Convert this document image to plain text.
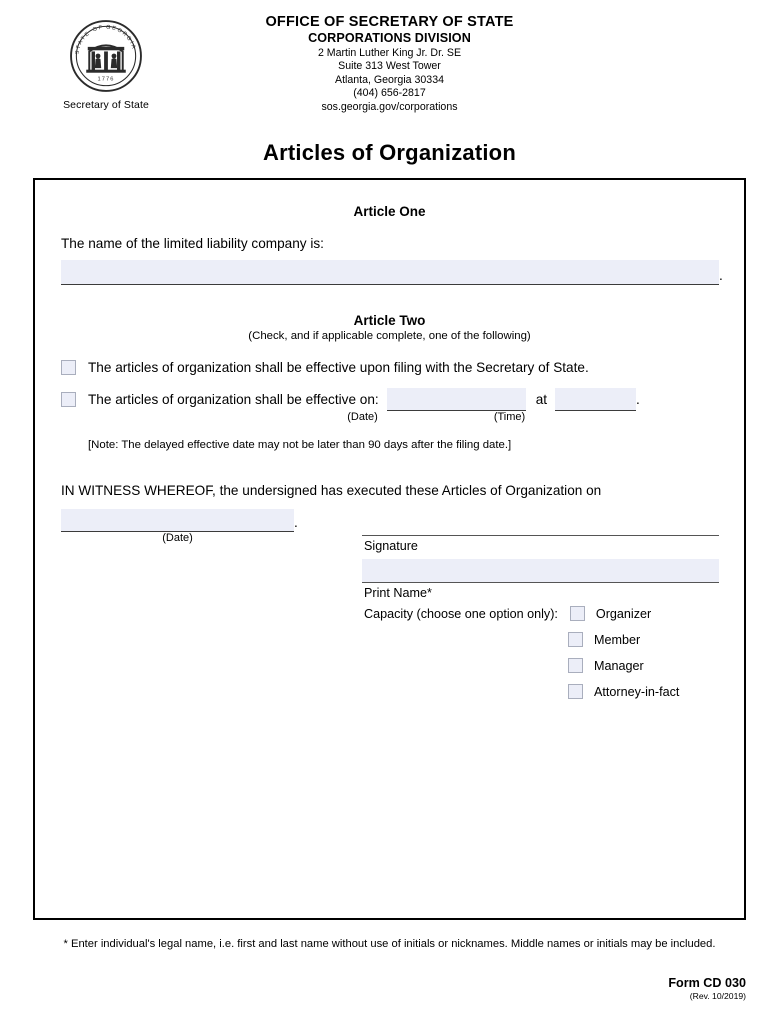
GEORGIA
STATE OF
1776
Secretary of State
OFFICE OF SECRETARY OF STATE
CORPORATIONS DIVISION
2 Martin Luther King Jr. Dr. SE
Suite 313 West Tower
Atlanta, Georgia 30334
(404) 656-2817
sos.georgia.gov/corporations
Articles of Organization
Article One
The name of the limited liability company is:
.
Article Two
(Check, and if applicable complete, one of the following)
The articles of organization shall be effective upon filing with the Secretary of State.
The articles of organization shall be effective on:	at	.
(Date)	(Time)
[Note: The delayed effective date may not be later than 90 days after the filing date.]
IN WITNESS WHEREOF, the undersigned has executed these Articles of Organization on
.
(Date)
Signature
Print Name*
Capacity (choose one option only):	Organizer
Member
Manager
Attorney-in-fact
* Enter individual's legal name, i.e. first and last name without use of initials or nicknames. Middle names or initials may be included.
Form CD 030
(Rev. 10/2019)
